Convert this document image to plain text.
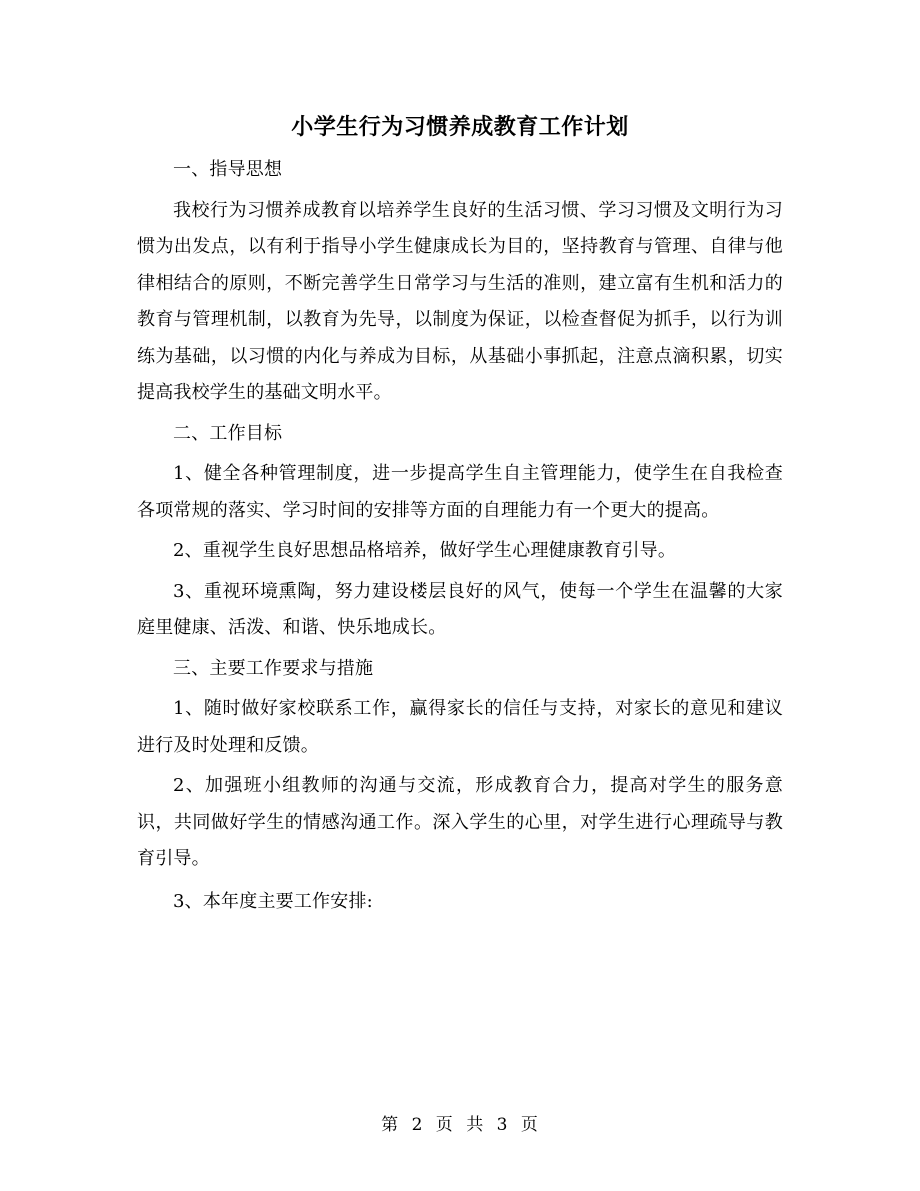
小学生行为习惯养成教育工作计划

一、指导思想

我校行为习惯养成教育以培养学生良好的生活习惯、学习习惯及文明行为习惯为出发点，以有利于指导小学生健康成长为目的，坚持教育与管理、自律与他律相结合的原则，不断完善学生日常学习与生活的准则，建立富有生机和活力的教育与管理机制，以教育为先导，以制度为保证，以检查督促为抓手，以行为训练为基础，以习惯的内化与养成为目标，从基础小事抓起，注意点滴积累，切实提高我校学生的基础文明水平。

二、工作目标

1、健全各种管理制度，进一步提高学生自主管理能力，使学生在自我检查各项常规的落实、学习时间的安排等方面的自理能力有一个更大的提高。

2、重视学生良好思想品格培养，做好学生心理健康教育引导。

3、重视环境熏陶，努力建设楼层良好的风气，使每一个学生在温馨的大家庭里健康、活泼、和谐、快乐地成长。

三、主要工作要求与措施

1、随时做好家校联系工作，赢得家长的信任与支持，对家长的意见和建议进行及时处理和反馈。

2、加强班小组教师的沟通与交流，形成教育合力，提高对学生的服务意识，共同做好学生的情感沟通工作。深入学生的心里，对学生进行心理疏导与教育引导。

3、本年度主要工作安排:

第 2 页 共 3 页
